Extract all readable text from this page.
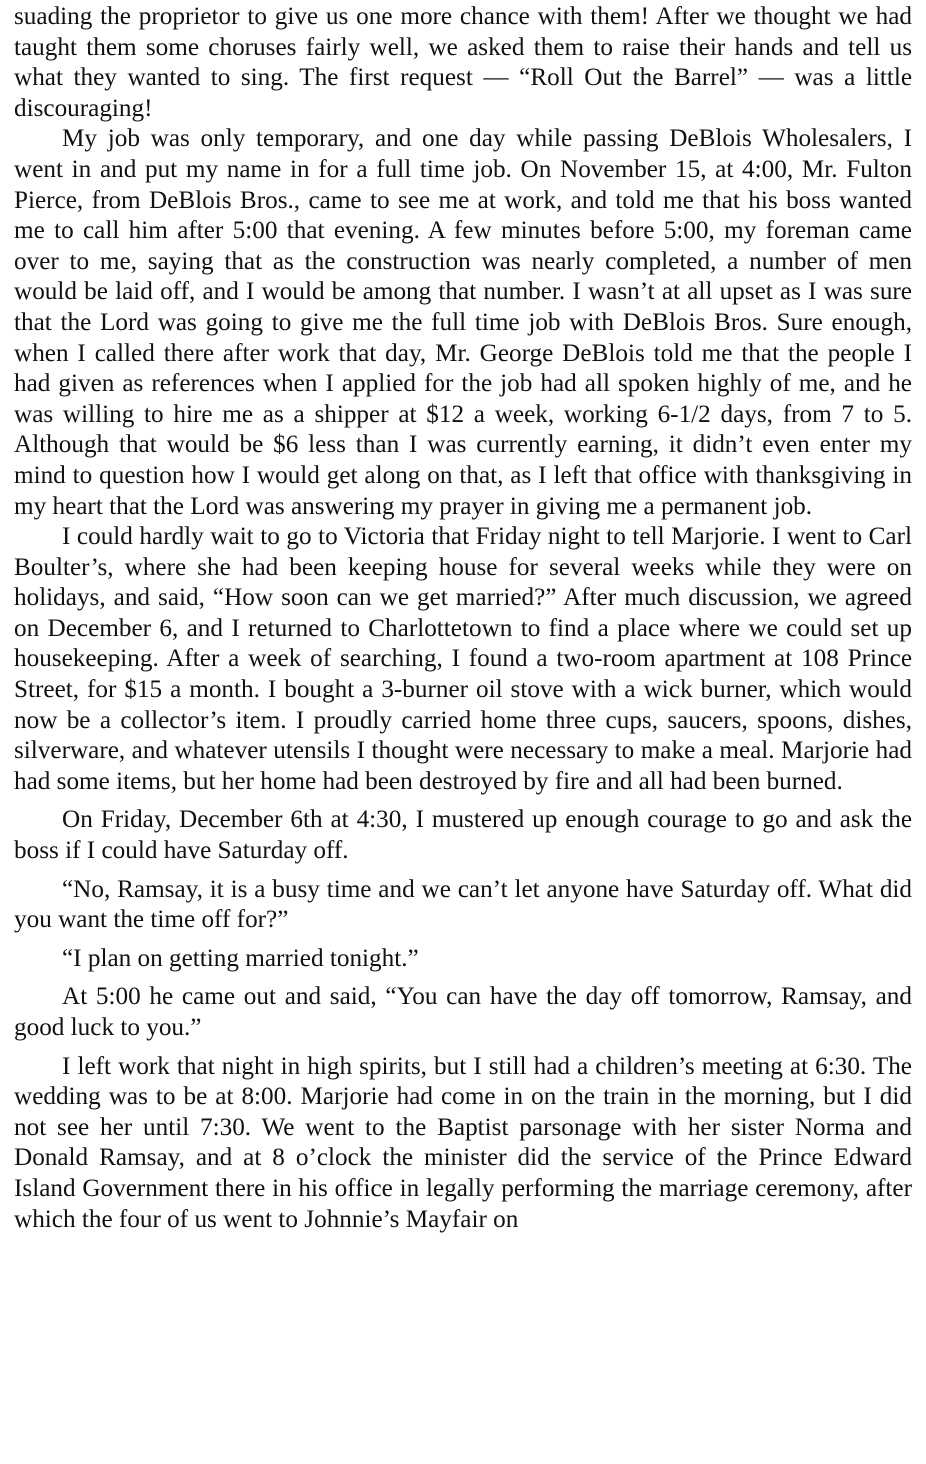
suading the proprietor to give us one more chance with them! After we thought we had taught them some choruses fairly well, we asked them to raise their hands and tell us what they wanted to sing. The first request — “Roll Out the Barrel” — was a little discouraging!

My job was only temporary, and one day while passing DeBlois Wholesalers, I went in and put my name in for a full time job. On November 15, at 4:00, Mr. Fulton Pierce, from DeBlois Bros., came to see me at work, and told me that his boss wanted me to call him after 5:00 that evening. A few minutes before 5:00, my foreman came over to me, saying that as the construction was nearly completed, a number of men would be laid off, and I would be among that number. I wasn’t at all upset as I was sure that the Lord was going to give me the full time job with DeBlois Bros. Sure enough, when I called there after work that day, Mr. George DeBlois told me that the people I had given as references when I applied for the job had all spoken highly of me, and he was willing to hire me as a shipper at $12 a week, working 6-1/2 days, from 7 to 5. Although that would be $6 less than I was currently earning, it didn’t even enter my mind to question how I would get along on that, as I left that office with thanksgiving in my heart that the Lord was answering my prayer in giving me a permanent job.

I could hardly wait to go to Victoria that Friday night to tell Marjorie. I went to Carl Boulter’s, where she had been keeping house for several weeks while they were on holidays, and said, “How soon can we get married?” After much discussion, we agreed on December 6, and I returned to Charlottetown to find a place where we could set up housekeeping. After a week of searching, I found a two-room apartment at 108 Prince Street, for $15 a month. I bought a 3-burner oil stove with a wick burner, which would now be a collector’s item. I proudly carried home three cups, saucers, spoons, dishes, silverware, and whatever utensils I thought were necessary to make a meal. Marjorie had had some items, but her home had been destroyed by fire and all had been burned.

On Friday, December 6th at 4:30, I mustered up enough courage to go and ask the boss if I could have Saturday off.

“No, Ramsay, it is a busy time and we can’t let anyone have Saturday off. What did you want the time off for?”

“I plan on getting married tonight.”

At 5:00 he came out and said, “You can have the day off tomorrow, Ramsay, and good luck to you.”

I left work that night in high spirits, but I still had a children’s meeting at 6:30. The wedding was to be at 8:00. Marjorie had come in on the train in the morning, but I did not see her until 7:30. We went to the Baptist parsonage with her sister Norma and Donald Ramsay, and at 8 o’clock the minister did the service of the Prince Edward Island Government there in his office in legally performing the marriage ceremony, after which the four of us went to Johnnie’s Mayfair on
